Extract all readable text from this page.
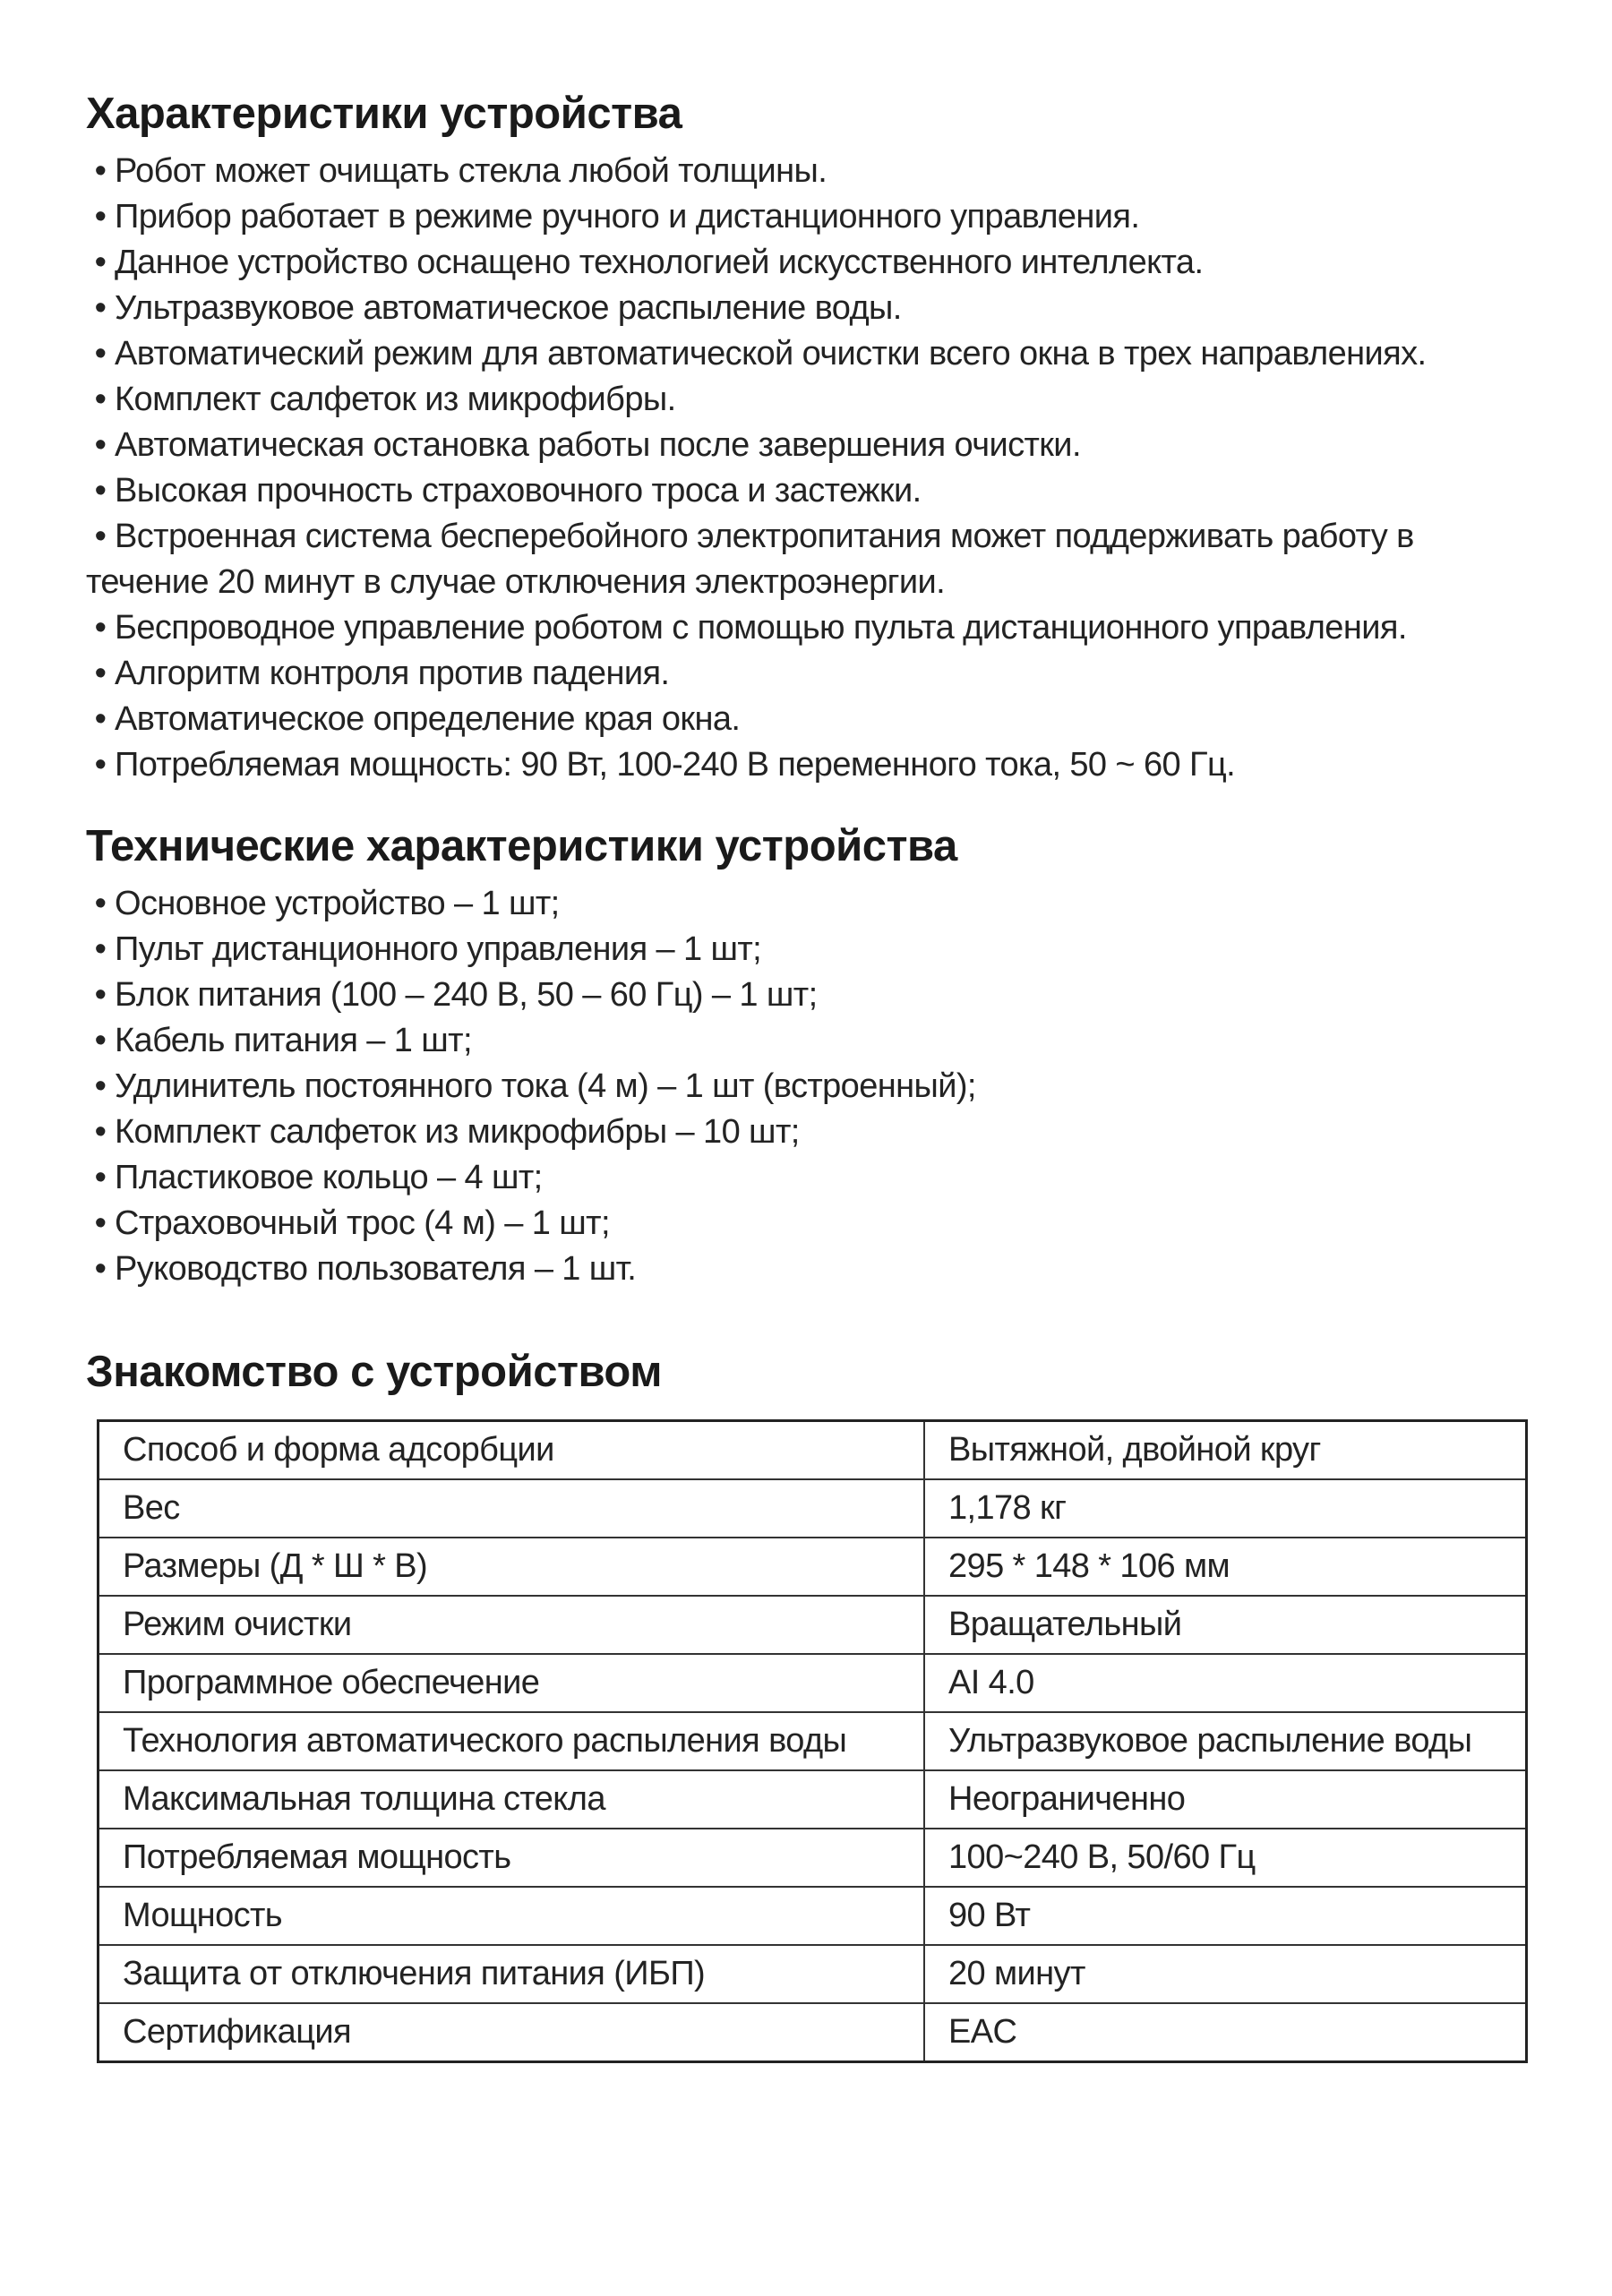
Характеристики устройства
• Робот может очищать стекла любой толщины.
• Прибор работает в режиме ручного и дистанционного управления.
• Данное устройство оснащено технологией искусственного интеллекта.
• Ультразвуковое автоматическое распыление воды.
• Автоматический режим для автоматической очистки всего окна в трех направлениях.
• Комплект салфеток из микрофибры.
• Автоматическая остановка работы после завершения очистки.
• Высокая прочность страховочного троса и застежки.
• Встроенная система бесперебойного электропитания может поддерживать работу в течение 20 минут в случае отключения электроэнергии.
• Беспроводное управление роботом с помощью пульта дистанционного управления.
• Алгоритм контроля против падения.
• Автоматическое определение края окна.
• Потребляемая мощность: 90 Вт, 100-240 В переменного тока, 50 ~ 60 Гц.
Технические характеристики устройства
• Основное устройство – 1 шт;
• Пульт дистанционного управления – 1 шт;
• Блок питания (100 – 240 В, 50 – 60 Гц) – 1 шт;
• Кабель питания – 1 шт;
• Удлинитель постоянного тока (4 м) – 1 шт (встроенный);
• Комплект салфеток из микрофибры – 10 шт;
• Пластиковое кольцо – 4 шт;
• Страховочный трос (4 м) – 1 шт;
• Руководство пользователя – 1 шт.
Знакомство с устройством
Способ и форма адсорбции	Вытяжной, двойной круг
Вес	1,178 кг
Размеры (Д * Ш * В)	295 * 148 * 106 мм
Режим очистки	Вращательный
Программное обеспечение	AI 4.0
Технология автоматического распыления воды	Ультразвуковое распыление воды
Максимальная толщина стекла	Неограниченно
Потребляемая мощность	100~240 В, 50/60 Гц
Мощность	90 Вт
Защита от отключения питания (ИБП)	20 минут
Сертификация	EAC
